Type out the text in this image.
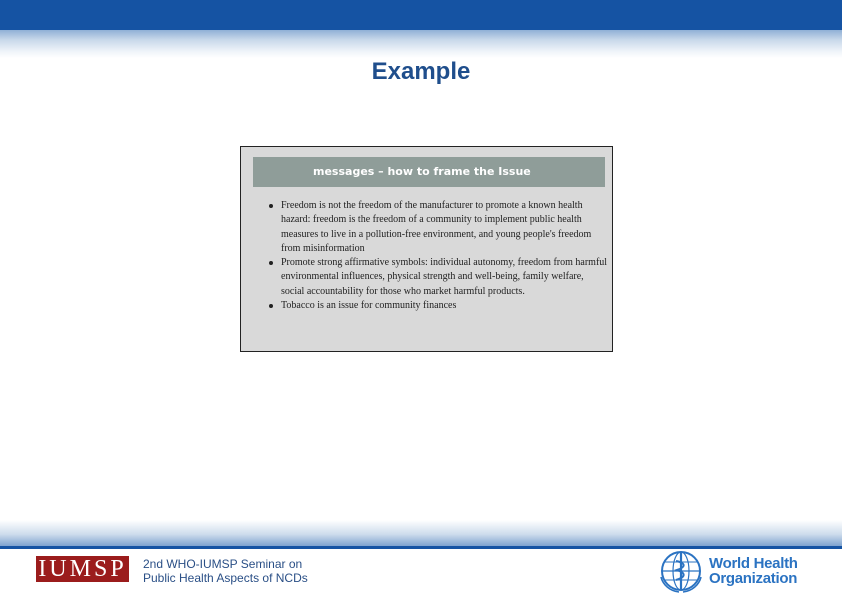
Example
messages – how to frame the Issue
Freedom is not the freedom of the manufacturer to promote a known health hazard: freedom is the freedom of a community to implement public health measures to live in a pollution-free environment, and young people's freedom from misinformation
Promote strong affirmative symbols: individual autonomy, freedom from harmful environmental influences, physical strength and well-being, family welfare, social accountability for those who market harmful products.
Tobacco is an issue for community finances
IUMSP 2nd WHO-IUMSP Seminar on
Public Health Aspects of NCDs
World Health
Organization
